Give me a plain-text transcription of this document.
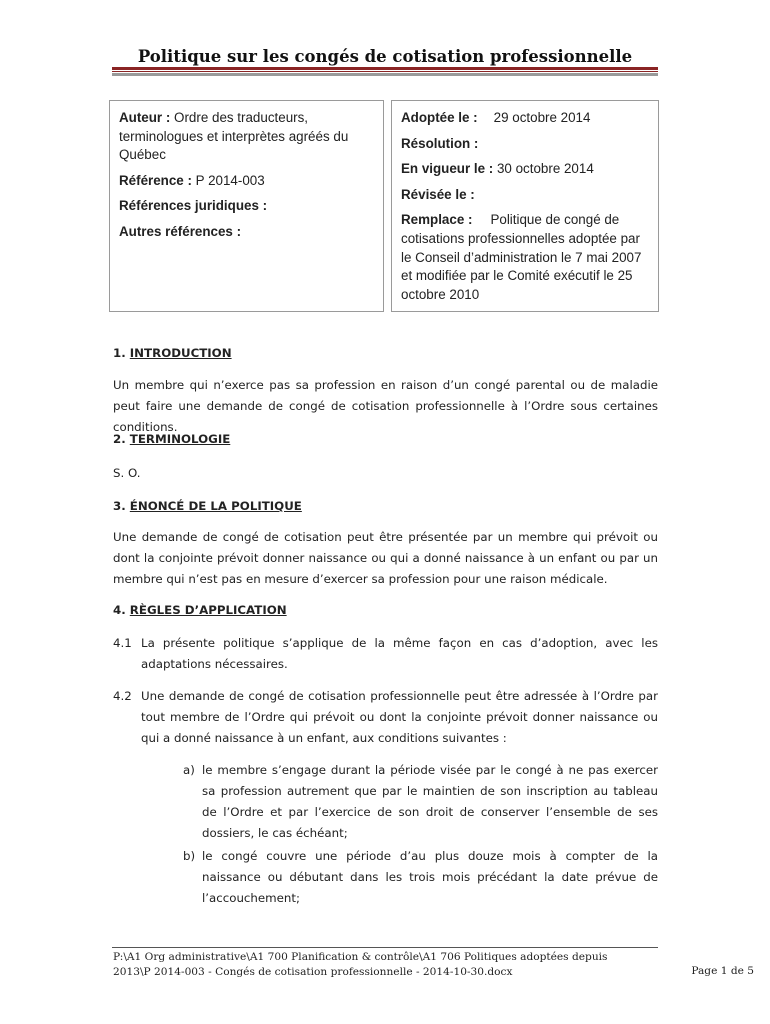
Politique sur les congés de cotisation professionnelle

Auteur : Ordre des traducteurs, terminologues et interprètes agréés du Québec

Référence : P 2014-003

Références juridiques :

Autres références :

Adoptée le : 29 octobre 2014

Résolution :

En vigueur le : 30 octobre 2014

Révisée le :

Remplace : Politique de congé de cotisations professionnelles adoptée par le Conseil d’administration le 7 mai 2007 et modifiée par le Comité exécutif le 25 octobre 2010

1. INTRODUCTION
Un membre qui n’exerce pas sa profession en raison d’un congé parental ou de maladie peut faire une demande de congé de cotisation professionnelle à l’Ordre sous certaines conditions.
2. TERMINOLOGIE
S. O.
3. ÉNONCÉ DE LA POLITIQUE
Une demande de congé de cotisation peut être présentée par un membre qui prévoit ou dont la conjointe prévoit donner naissance ou qui a donné naissance à un enfant ou par un membre qui n’est pas en mesure d’exercer sa profession pour une raison médicale.
4. RÈGLES D’APPLICATION
4.1 La présente politique s’applique de la même façon en cas d’adoption, avec les adaptations nécessaires.
4.2 Une demande de congé de cotisation professionnelle peut être adressée à l’Ordre par tout membre de l’Ordre qui prévoit ou dont la conjointe prévoit donner naissance ou qui a donné naissance à un enfant, aux conditions suivantes :
a) le membre s’engage durant la période visée par le congé à ne pas exercer sa profession autrement que par le maintien de son inscription au tableau de l’Ordre et par l’exercice de son droit de conserver l’ensemble de ses dossiers, le cas échéant;
b) le congé couvre une période d’au plus douze mois à compter de la naissance ou débutant dans les trois mois précédant la date prévue de l’accouchement;
P:\A1 Org administrative\A1 700 Planification & contrôle\A1 706 Politiques adoptées depuis 2013\P 2014-003 - Congés de cotisation professionnelle - 2014-10-30.docx	Page 1 de 5
